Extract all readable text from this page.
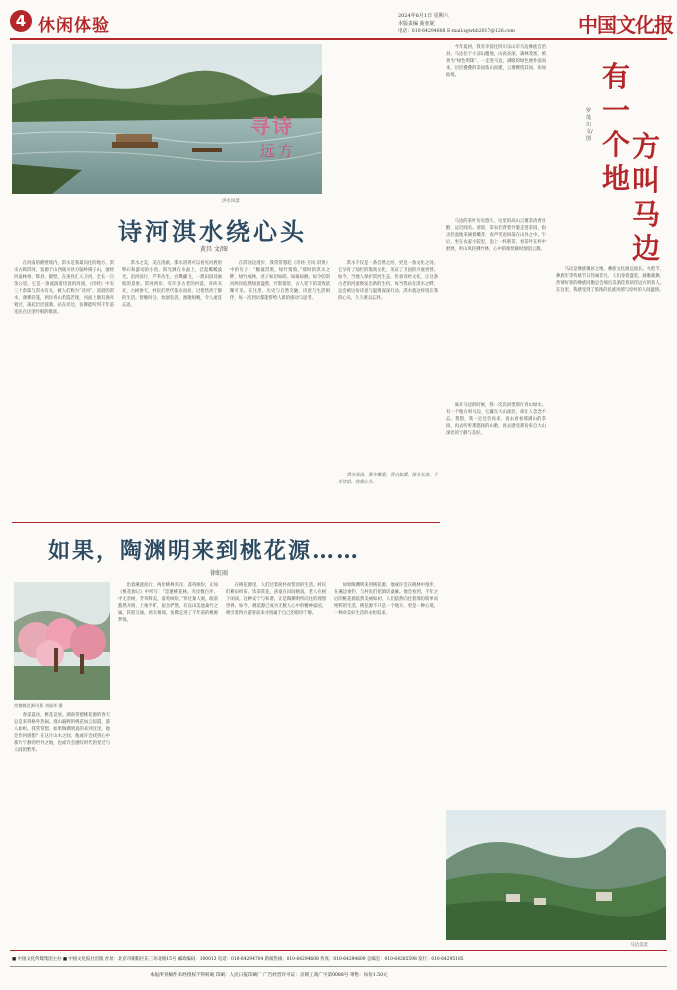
4 休闲体验	2024年6月1日 星期六
本版责编 曲亚妮
电话：010-64294608 E-mail:zgwhb2017@126.com	中国文化报
洪水风景
寻诗
远方
诗河淇水绕心头
黄昌 文/图
在河南的鹤壁境内，淇水是我最向往的地方。淇水古称淇河，发源于山西陵川县方脑岭棋子山，流经河南林州、辉县、鹤壁，在浚县汇入卫河，全长一百余公里。它是一条流淌着诗意的河流，《诗经》中有三十余篇与淇水有关，被人们称为“诗河”。清晨的淇水，薄雾轻笼，两岸青山若隐若现，河面上偶有渔舟划过，荡起层层涟漪。站在岸边，仿佛能听到千年前先民在这里吟唱的歌谣。
淇水之美，美在清澈。那水清得可以看见河底的卵石和游动的小鱼，阳光洒在水面上，泛起粼粼波光。沿河而行，芦苇丛生，白鹭翩飞，一派田园诗画般的景象。淇河两岸，有许多古老的村落，青砖灰瓦，古树参天，村民们世代依水而居，过着恬淡宁静的生活。傍晚时分，炊烟袅袅，渔歌唱晚，令人流连忘返。
在淇河边漫步，我常常想起《诗经·卫风·淇奥》中的句子：“瞻彼淇奥，绿竹猗猗。”那时的淇水之畔，绿竹成林，君子如切如磋、如琢如磨。如今的淇河两岸依然绿意盎然，竹影婆娑，古人笔下的景致依稀可见。在这里，历史与自然交融，诗意与生活相伴，每一次到访都能带给人新的感动与思考。
淇水不仅是一条自然之河，更是一条文化之河。它孕育了灿烂的殷商文化，见证了卫国的兴衰更替。如今，当地人保护淇河生态，传承诗经文化，让这条古老的河流焕发出新的生机。每当我站在淇水之畔，总会被这份诗意与温情深深打动，淇水就这样绕在我的心头，久久难以忘怀。
淇水汤汤，渐车帷裳。青山如黛，绿水长流。千年诗韵，绕我心头。
如果，陶渊明来到桃花源……
徐虹雨
常德桃花源风景 刘福华 摄
春雷震动，桃花竞放。湖南常德桃花源的春天总是来得格外热闹。漫山遍野的桃花如云似霞，游人如织。我常常想，如果陶渊明真的来到这里，他会作何感想？在这片山水之间，他或许会找到心中那片宁静的世外之地，也或许会感叹时代的变迁与人间的繁华。
沿着溪流而行，两岸桃林夹岸，落英缤纷，正如《桃花源记》中所写：“忽逢桃花林，夹岸数百步，中无杂树，芳草鲜美，落英缤纷。”穿过秦人洞，眼前豁然开朗，土地平旷，屋舍俨然，有良田美池桑竹之属。阡陌交通，鸡犬相闻，仿佛走进了千年前的桃源梦境。
在桃花源里，人们过着简朴而恬淡的生活。村民们耕田织布，饮茶赏花，孩童在田间嬉戏，老人在树下闲谈。这种安宁与和谐，正是陶渊明所向往的理想世界。如今，桃花源已成为无数人心中的精神家园，吸引着四方游客前来寻找属于自己的那份宁静。
如果陶渊明来到桃花源，他或许会在桃林中漫步，在溪边垂钓，与村民们把酒话桑麻。他会看到，千年之后的桃花源依然美丽如初，人们依然向往着那份简单而纯粹的生活。桃花源不只是一个地方，更是一种心境，一种对美好生活的永恒追求。
今年夏初，我有幸前往四川乐山市马边彝族自治县。马边位于小凉山腹地，山高谷深，森林茂密，被誉为“绿色明珠”。一走进马边，满眼的绿色便扑面而来，层层叠叠的茶园依山而建，云雾缭绕其间，宛如仙境。
马边的茶叶历史悠久，这里的高山云雾茶清香甘醇，远近闻名。清晨，茶农们背着竹篓走进茶园，指尖轻盈地采摘着嫩芽，欢声笑语回荡在山谷之中。午后，坐在农家小院里，泡上一杯新茶，看茶叶在杯中舒展，听山风轻拂竹林，心中的烦忧顿时烟消云散。
有
一
个
地
方
叫
马
边
罗茂川 文/图
马边是彝族聚居之地，彝族文化源远流长。火把节、彝族年等传统节日热闹非凡，人们身着盛装，载歌载舞，热情好客的彝族同胞总会端出美酒佳肴款待远方的客人。在这里，我感受到了浓浓的民族风情与淳朴的人间温情。
离开马边的时候，我一次次回望那片青山绿水。有一个地方叫马边，它藏在大山深处，却让人念念不忘。我想，我一定还会再来，再去看看那满山的茶园，再去听听那悠扬的山歌，再去感受那份来自大山深处的宁静与美好。
马边美景
■ 中国文化传媒集团主办 ■ 中国文化报社出版 社址：北京市朝阳区东三环北路15号 邮政编码：100013 电话：010-64294704 新闻热线：010-64294608 传真：010-64294609 总编室：010-64285598 发行：010-64295185
本报所刊稿件未经授权不得转载 印刷：人民日报印刷厂 广告经营许可证：京朝工商广字第0088号 零售：每份1.50元
